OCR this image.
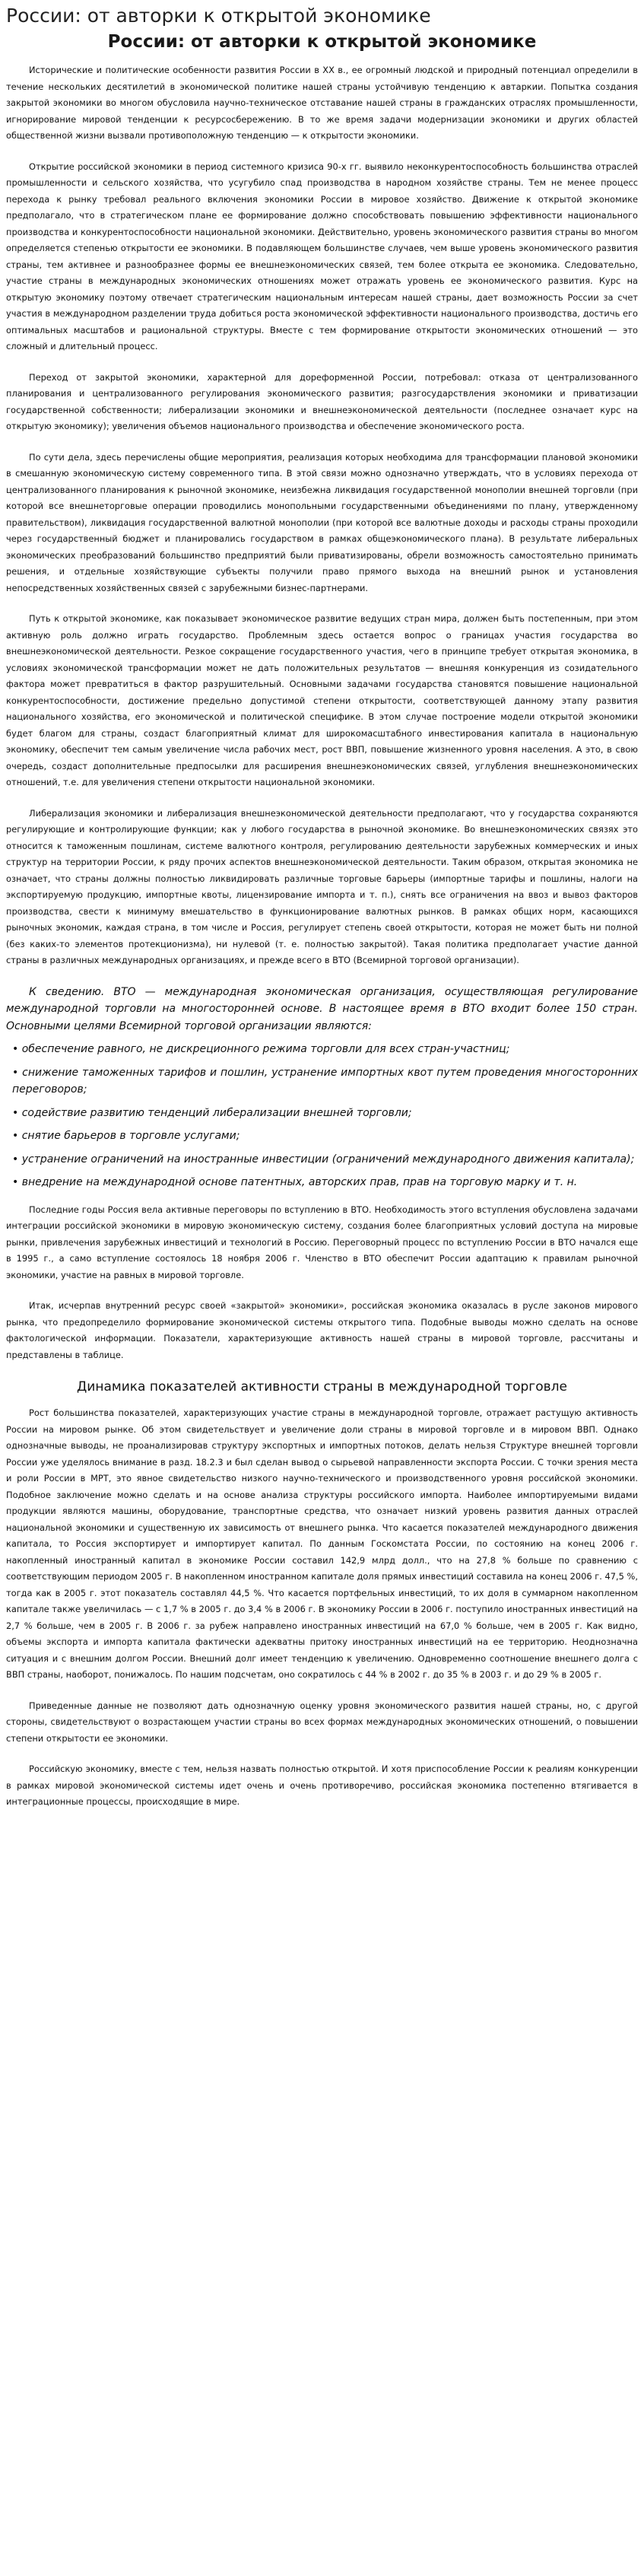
России: от авторки к открытой экономике
России: от авторки к открытой экономике

Исторические и политические особенности развития России в XX в., ее огромный людской и природный потенциал определили в течение нескольких десятилетий в экономической политике нашей страны устойчивую тенденцию к автаркии. Попытка создания закрытой экономики во многом обусловила научно-техническое отставание нашей страны в гражданских отраслях промышленности, игнорирование мировой тенденции к ресурсосбережению. В то же время задачи модернизации экономики и других областей общественной жизни вызвали противоположную тенденцию — к открытости экономики.

Открытие российской экономики в период системного кризиса 90-х гг. выявило неконкурентоспособность большинства отраслей промышленности и сельского хозяйства, что усугубило спад производства в народном хозяйстве страны. Тем не менее процесс перехода к рынку требовал реального включения экономики России в мировое хозяйство. Движение к открытой экономике предполагало, что в стратегическом плане ее формирование должно способствовать повышению эффективности национального производства и конкурентоспособности национальной экономики. Действительно, уровень экономического развития страны во многом определяется степенью открытости ее экономики. В подавляющем большинстве случаев, чем выше уровень экономического развития страны, тем активнее и разнообразнее формы ее внешнеэкономических связей, тем более открыта ее экономика. Следовательно, участие страны в международных экономических отношениях может отражать уровень ее экономического развития. Курс на открытую экономику поэтому отвечает стратегическим национальным интересам нашей страны, дает возможность России за счет участия в международном разделении труда добиться роста экономической эффективности национального производства, достичь его оптимальных масштабов и рациональной структуры. Вместе с тем формирование открытости экономических отношений — это сложный и длительный процесс.

Переход от закрытой экономики, характерной для дореформенной России, потребовал: отказа от централизованного планирования и централизованного регулирования экономического развития; разгосударствления экономики и приватизации государственной собственности; либерализации экономики и внешнеэкономической деятельности (последнее означает курс на открытую экономику); увеличения объемов национального производства и обеспечение экономического роста.

По сути дела, здесь перечислены общие мероприятия, реализация которых необходима для трансформации плановой экономики в смешанную экономическую систему современного типа. В этой связи можно однозначно утверждать, что в условиях перехода от централизованного планирования к рыночной экономике, неизбежна ликвидация государственной монополии внешней торговли (при которой все внешнеторговые операции проводились монопольными государственными объединениями по плану, утвержденному правительством), ликвидация государственной валютной монополии (при которой все валютные доходы и расходы страны проходили через государственный бюджет и планировались государством в рамках общеэкономического плана). В результате либеральных экономических преобразований большинство предприятий были приватизированы, обрели возможность самостоятельно принимать решения, и отдельные хозяйствующие субъекты получили право прямого выхода на внешний рынок и установления непосредственных хозяйственных связей с зарубежными бизнес-партнерами.

Путь к открытой экономике, как показывает экономическое развитие ведущих стран мира, должен быть постепенным, при этом активную роль должно играть государство. Проблемным здесь остается вопрос о границах участия государства во внешнеэкономической деятельности. Резкое сокращение государственного участия, чего в принципе требует открытая экономика, в условиях экономической трансформации может не дать положительных результатов — внешняя конкуренция из созидательного фактора может превратиться в фактор разрушительный. Основными задачами государства становятся повышение национальной конкурентоспособности, достижение предельно допустимой степени открытости, соответствующей данному этапу развития национального хозяйства, его экономической и политической специфике. В этом случае построение модели открытой экономики будет благом для страны, создаст благоприятный климат для широкомасштабного инвестирования капитала в национальную экономику, обеспечит тем самым увеличение числа рабочих мест, рост ВВП, повышение жизненного уровня населения. А это, в свою очередь, создаст дополнительные предпосылки для расширения внешнеэкономических связей, углубления внешнеэкономических отношений, т.е. для увеличения степени открытости национальной экономики.

Либерализация экономики и либерализация внешнеэкономической деятельности предполагают, что у государства сохраняются регулирующие и контролирующие функции; как у любого государства в рыночной экономике. Во внешнеэкономических связях это относится к таможенным пошлинам, системе валютного контроля, регулированию деятельности зарубежных коммерческих и иных структур на территории России, к ряду прочих аспектов внешнеэкономической деятельности. Таким образом, открытая экономика не означает, что страны должны полностью ликвидировать различные торговые барьеры (импортные тарифы и пошлины, налоги на экспортируемую продукцию, импортные квоты, лицензирование импорта и т. п.), снять все ограничения на ввоз и вывоз факторов производства, свести к минимуму вмешательство в функционирование валютных рынков. В рамках общих норм, касающихся рыночных экономик, каждая страна, в том числе и Россия, регулирует степень своей открытости, которая не может быть ни полной (без каких-то элементов протекционизма), ни нулевой (т. е. полностью закрытой). Такая политика предполагает участие данной страны в различных международных организациях, и прежде всего в ВТО (Всемирной торговой организации).

К сведению. ВТО — международная экономическая организация, осуществляющая регулирование международной торговли на многосторонней основе. В настоящее время в ВТО входит более 150 стран. Основными целями Всемирной торговой организации являются:

• обеспечение равного, не дискреционного режима торговли для всех стран-участниц;

• снижение таможенных тарифов и пошлин, устранение импортных квот путем проведения многосторонних переговоров;

• содействие развитию тенденций либерализации внешней торговли;

• снятие барьеров в торговле услугами;

• устранение ограничений на иностранные инвестиции (ограничений международного движения капитала);

• внедрение на международной основе патентных, авторских прав, прав на торговую марку и т. н.

Последние годы Россия вела активные переговоры по вступлению в ВТО. Необходимость этого вступления обусловлена задачами интеграции российской экономики в мировую экономическую систему, создания более благоприятных условий доступа на мировые рынки, привлечения зарубежных инвестиций и технологий в Россию. Переговорный процесс по вступлению России в ВТО начался еще в 1995 г., а само вступление состоялось 18 ноября 2006 г. Членство в ВТО обеспечит России адаптацию к правилам рыночной экономики, участие на равных в мировой торговле.

Итак, исчерпав внутренний ресурс своей «закрытой» экономики», российская экономика оказалась в русле законов мирового рынка, что предопределило формирование экономической системы открытого типа. Подобные выводы можно сделать на основе фактологической информации. Показатели, характеризующие активность нашей страны в мировой торговле, рассчитаны и представлены в таблице.

Динамика показателей активности страны в международной торговле

Рост большинства показателей, характеризующих участие страны в международной торговле, отражает растущую активность России на мировом рынке. Об этом свидетельствует и увеличение доли страны в мировой торговле и в мировом ВВП. Однако однозначные выводы, не проанализировав структуру экспортных и импортных потоков, делать нельзя Структуре внешней торговли России уже уделялось внимание в разд. 18.2.3 и был сделан вывод о сырьевой направленности экспорта России. С точки зрения места и роли России в МРТ, это явное свидетельство низкого научно-технического и производственного уровня российской экономики. Подобное заключение можно сделать и на основе анализа структуры российского импорта. Наиболее импортируемыми видами продукции являются машины, оборудование, транспортные средства, что означает низкий уровень развития данных отраслей национальной экономики и существенную их зависимость от внешнего рынка. Что касается показателей международного движения капитала, то Россия экспортирует и импортирует капитал. По данным Госкомстата России, по состоянию на конец 2006 г. накопленный иностранный капитал в экономике России составил 142,9 млрд долл., что на 27,8 % больше по сравнению с соответствующим периодом 2005 г. В накопленном иностранном капитале доля прямых инвестиций составила на конец 2006 г. 47,5 %, тогда как в 2005 г. этот показатель составлял 44,5 %. Что касается портфельных инвестиций, то их доля в суммарном накопленном капитале также увеличилась — с 1,7 % в 2005 г. до 3,4 % в 2006 г. В экономику России в 2006 г. поступило иностранных инвестиций на 2,7 % больше, чем в 2005 г. В 2006 г. за рубеж направлено иностранных инвестиций на 67,0 % больше, чем в 2005 г. Как видно, объемы экспорта и импорта капитала фактически адекватны притоку иностранных инвестиций на ее территорию. Неоднозначна ситуация и с внешним долгом России. Внешний долг имеет тенденцию к увеличению. Одновременно соотношение внешнего долга с ВВП страны, наоборот, понижалось. По нашим подсчетам, оно сократилось с 44 % в 2002 г. до 35 % в 2003 г. и до 29 % в 2005 г.

Приведенные данные не позволяют дать однозначную оценку уровня экономического развития нашей страны, но, с другой стороны, свидетельствуют о возрастающем участии страны во всех формах международных экономических отношений, о повышении степени открытости ее экономики.

Российскую экономику, вместе с тем, нельзя назвать полностью открытой. И хотя приспособление России к реалиям конкуренции в рамках мировой экономической системы идет очень и очень противоречиво, российская экономика постепенно втягивается в интеграционные процессы, происходящие в мире.
